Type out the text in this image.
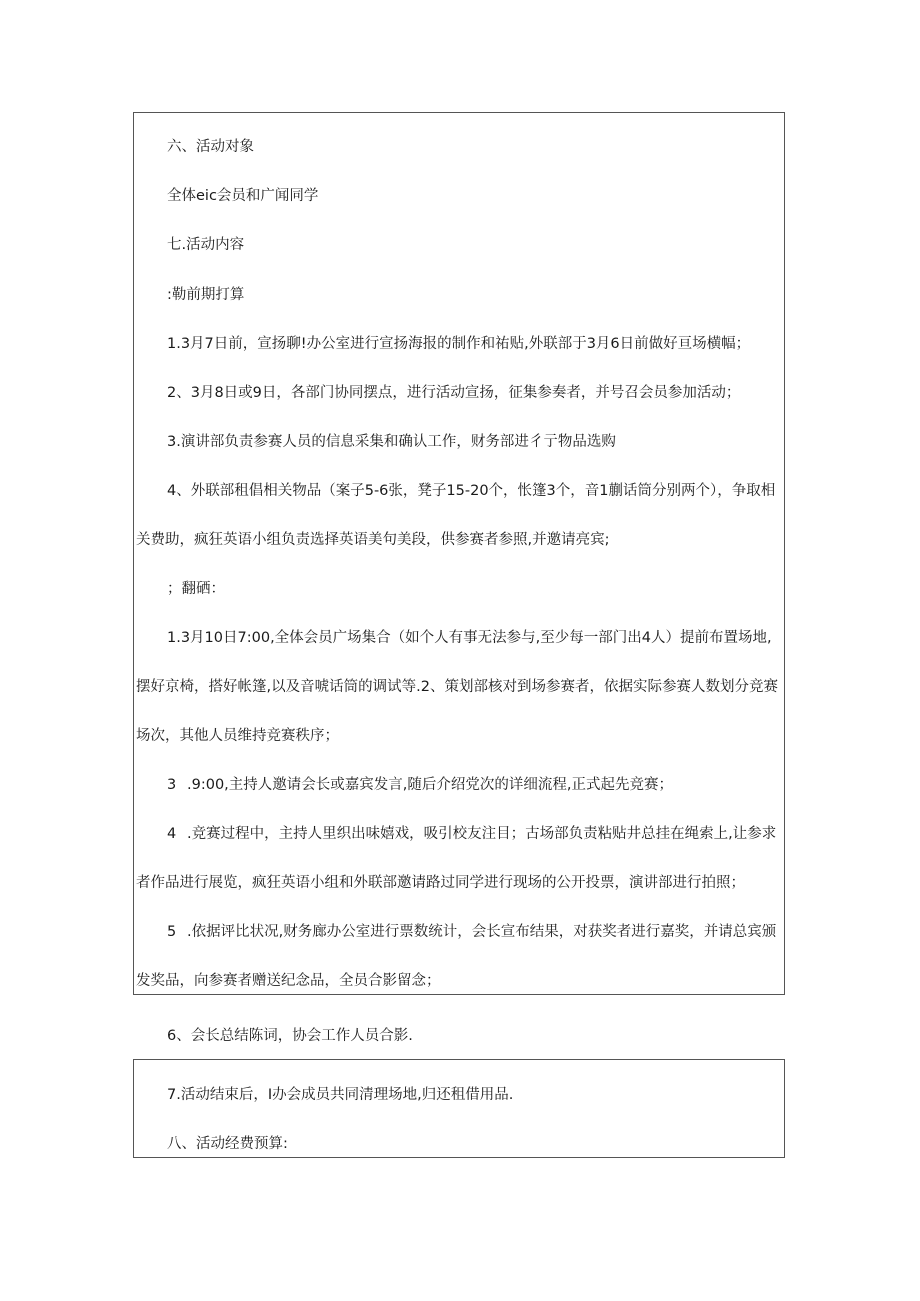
六、活动对象

全体eic会员和广闻同学

七.活动内容

:勒前期打算

1.3月7日前，宣扬聊!办公室进行宣扬海报的制作和祐贴,外联部于3月6日前做好亘场横幅；

2、3月8日或9日，各部门协同摆点，进行活动宣扬，征集参奏者，并号召会员参加活动；

3.演讲部负责参赛人员的信息采集和确认工作，财务部进彳亍物品选购

4、外联部租倡相关物品（案子5-6张，凳子15-20个，怅篷3个，音1蒯话筒分别两个），争取相

关费助，疯狂英语小组负责选择英语美句美段，供参赛者参照,并邀请亮宾;

；翻硒：

1.3月10日7:00,全体会员广场集合（如个人有事无法参与,至少每一部门出4人）提前布置场地,

摆好京椅，搭好帐篷,以及音唬话筒的调试等.2、策划部核对到场参赛者，依据实际参赛人数划分竞赛

场次，其他人员维持竞赛秩序；

3 .9:00,主持人邀请会长或嘉宾发言,随后介绍党次的详细流程,正式起先竞赛；

4 .竞赛过程中，主持人里织出味嬉戏，吸引校友注目；古场部负责粘贴井总挂在绳索上,让参求

者作品进行展览，疯狂英语小组和外联部邀请路过同学进行现场的公开投票，演讲部进行拍照；

5 .依据评比状况,财务廊办公室进行票数统计，会长宣布结果，对获奖者进行嘉奖，并请总宾颁

发奖品，向参赛者赠送纪念品，全员合影留念；

6、会长总结陈词，协会工作人员合影.

7.活动结束后，I办会成员共同清理场地,归还租借用品.

八、活动经费预算:
